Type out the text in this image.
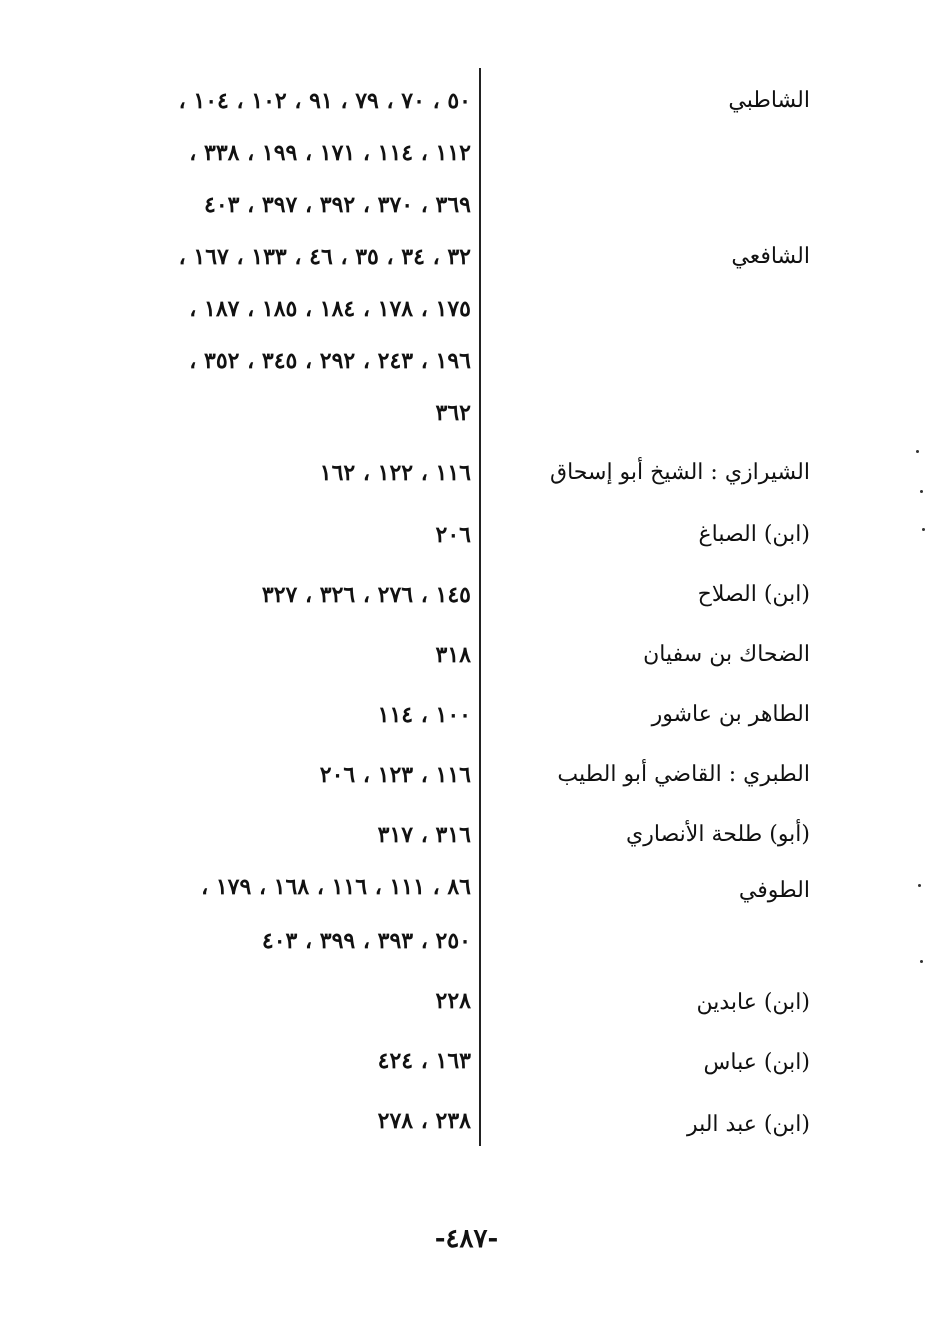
الشاطبي
٥٠ ، ٧٠ ، ٧٩ ، ٩١ ، ١٠٢ ، ١٠٤ ،
١١٢ ، ١١٤ ، ١٧١ ، ١٩٩ ، ٣٣٨ ،
٣٦٩ ، ٣٧٠ ، ٣٩٢ ، ٣٩٧ ، ٤٠٣
الشافعي
٣٢ ، ٣٤ ، ٣٥ ، ٤٦ ، ١٣٣ ، ١٦٧ ،
١٧٥ ، ١٧٨ ، ١٨٤ ، ١٨٥ ، ١٨٧ ،
١٩٦ ، ٢٤٣ ، ٢٩٢ ، ٣٤٥ ، ٣٥٢ ،
٣٦٢
الشيرازي : الشيخ أبو إسحاق
١١٦ ، ١٢٢ ، ١٦٢
(ابن) الصباغ
٢٠٦
(ابن) الصلاح
١٤٥ ، ٢٧٦ ، ٣٢٦ ، ٣٢٧
الضحاك بن سفيان
٣١٨
الطاهر بن عاشور
١٠٠ ، ١١٤
الطبري : القاضي أبو الطيب
١١٦ ، ١٢٣ ، ٢٠٦
(أبو) طلحة الأنصاري
٣١٦ ، ٣١٧
الطوفي
٨٦ ، ١١١ ، ١١٦ ، ١٦٨ ، ١٧٩ ،
٢٥٠ ، ٣٩٣ ، ٣٩٩ ، ٤٠٣
(ابن) عابدين
٢٢٨
(ابن) عباس
١٦٣ ، ٤٢٤
(ابن) عبد البر
٢٣٨ ، ٢٧٨
-٤٨٧-
